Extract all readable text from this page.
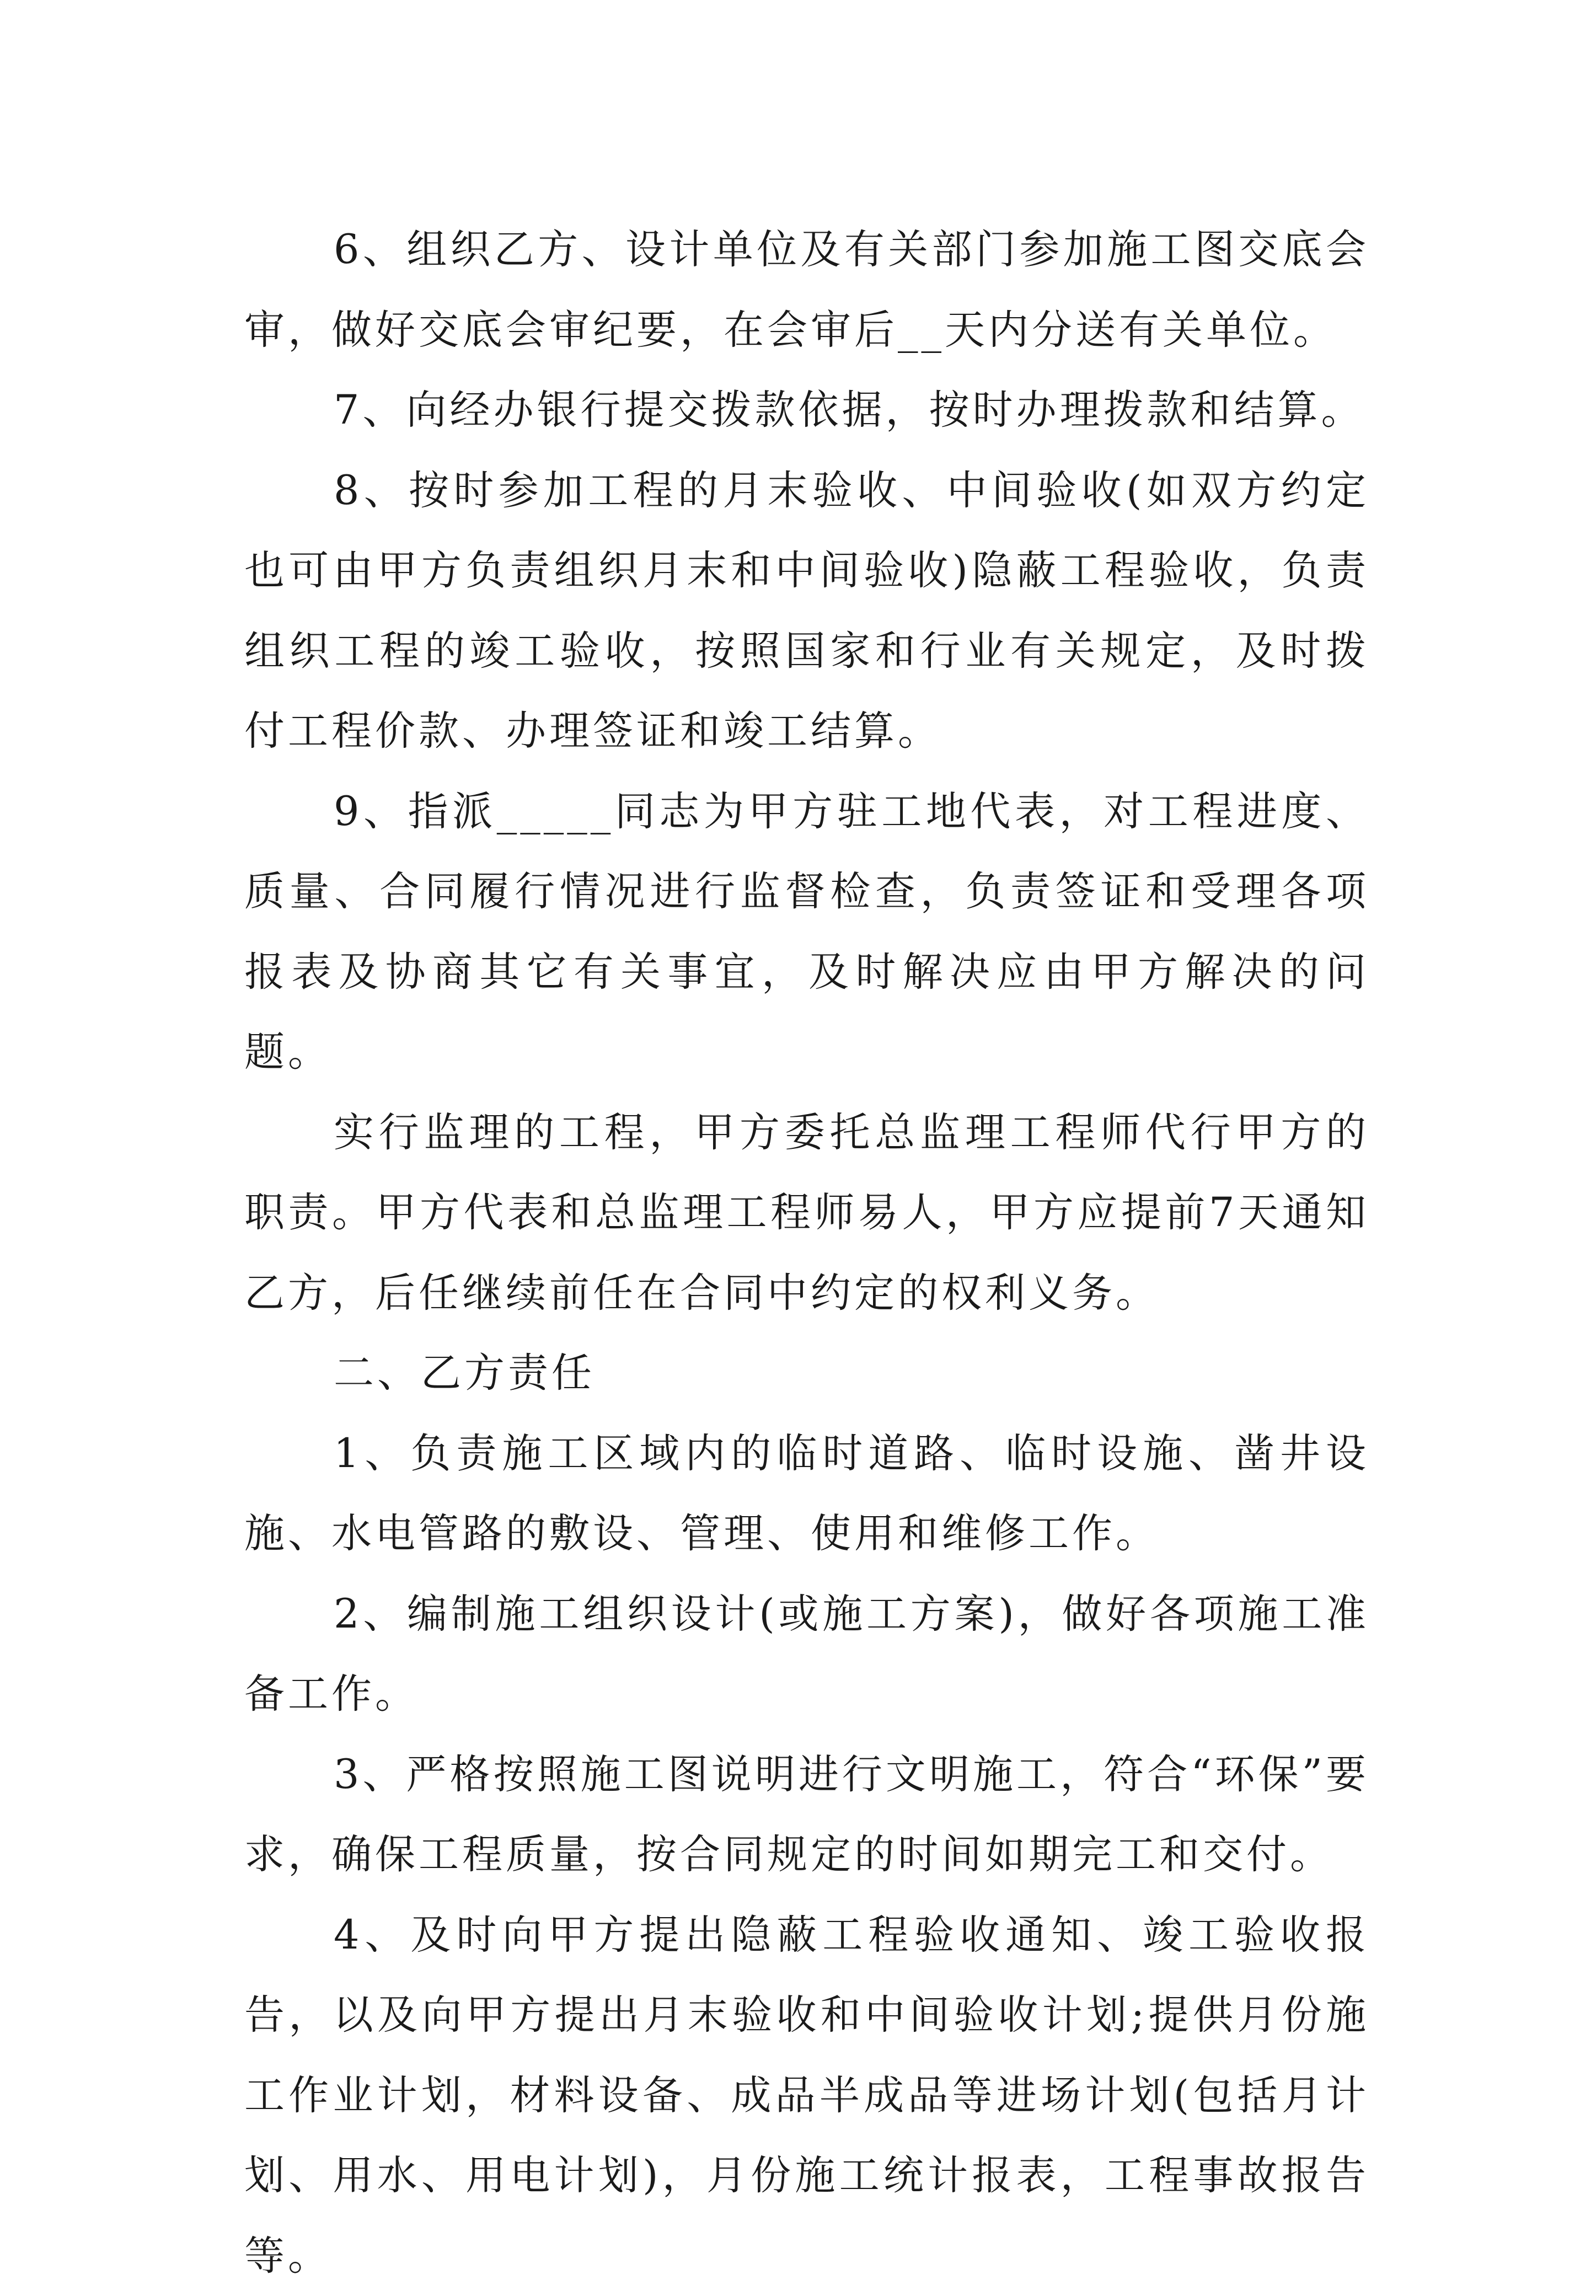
6、组织乙方、设计单位及有关部门参加施工图交底会审，做好交底会审纪要，在会审后__天内分送有关单位。

7、向经办银行提交拨款依据，按时办理拨款和结算。

8、按时参加工程的月末验收、中间验收(如双方约定也可由甲方负责组织月末和中间验收)隐蔽工程验收，负责组织工程的竣工验收，按照国家和行业有关规定，及时拨付工程价款、办理签证和竣工结算。

9、指派_____同志为甲方驻工地代表，对工程进度、质量、合同履行情况进行监督检查，负责签证和受理各项报表及协商其它有关事宜，及时解决应由甲方解决的问题。

实行监理的工程，甲方委托总监理工程师代行甲方的职责。甲方代表和总监理工程师易人，甲方应提前7天通知乙方，后任继续前任在合同中约定的权利义务。

二、乙方责任

1、负责施工区域内的临时道路、临时设施、凿井设施、水电管路的敷设、管理、使用和维修工作。

2、编制施工组织设计(或施工方案)，做好各项施工准备工作。

3、严格按照施工图说明进行文明施工，符合“环保”要求，确保工程质量，按合同规定的时间如期完工和交付。

4、及时向甲方提出隐蔽工程验收通知、竣工验收报告，以及向甲方提出月末验收和中间验收计划;提供月份施工作业计划，材料设备、成品半成品等进场计划(包括月计划、用水、用电计划)，月份施工统计报表，工程事故报告等。
